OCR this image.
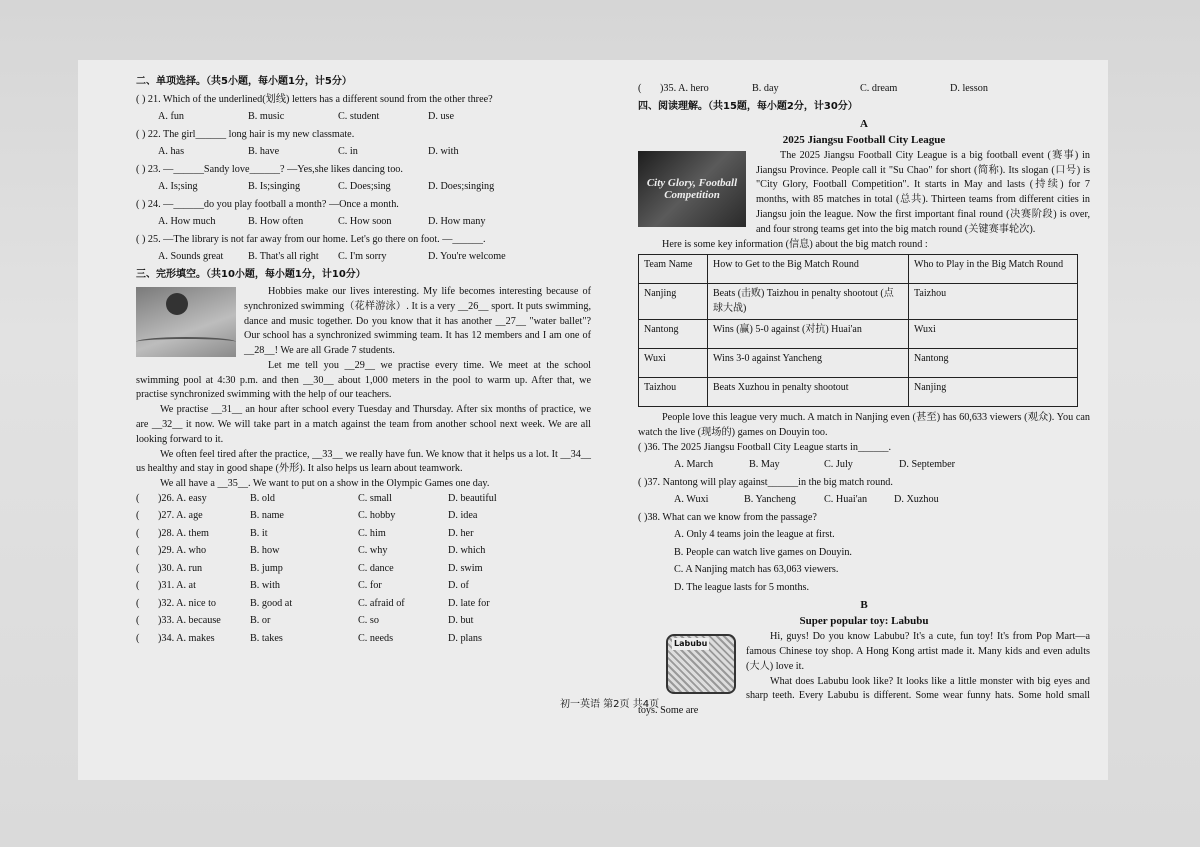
二、单项选择。（共5小题，每小题1分，计5分）
( ) 21. Which of the underlined(划线) letters has a different sound from the other three?
A. fun	B. music	C. student	D. use
( ) 22. The girl______ long hair is my new classmate.
A. has	B. have	C. in	D. with
( ) 23. —______Sandy love______? —Yes,she likes dancing too.
A. Is;sing	B. Is;singing	C. Does;sing	D. Does;singing
( ) 24. —______do you play football a month? —Once a month.
A. How much	B. How often	C. How soon	D. How many
( ) 25. —The library is not far away from our home. Let's go there on foot. —______.
A. Sounds great	B. That's all right	C. I'm sorry	D. You're welcome
三、完形填空。（共10小题，每小题1分，计10分）
Hobbies make our lives interesting. My life becomes interesting because of synchronized swimming（花样游泳）. It is a very __26__ sport. It puts swimming, dance and music together. Do you know that it has another __27__ "water ballet"? Our school has a synchronized swimming team. It has 12 members and I am one of __28__! We are all Grade 7 students.
Let me tell you __29__ we practise every time. We meet at the school swimming pool at 4:30 p.m. and then __30__ about 1,000 meters in the pool to warm up. After that, we practise synchronized swimming with the help of our teachers.
We practise __31__ an hour after school every Tuesday and Thursday. After six months of practice, we are __32__ it now. We will take part in a match against the team from another school next week. We are all looking forward to it.
We often feel tired after the practice, __33__ we really have fun. We know that it helps us a lot. It __34__ us healthy and stay in good shape (外形). It also helps us learn about teamwork.
We all have a __35__. We want to put on a show in the Olympic Games one day.
(	)26. A. easy	B. old	C. small	D. beautiful
(	)27. A. age	B. name	C. hobby	D. idea
(	)28. A. them	B. it	C. him	D. her
(	)29. A. who	B. how	C. why	D. which
(	)30. A. run	B. jump	C. dance	D. swim
(	)31. A. at	B. with	C. for	D. of
(	)32. A. nice to	B. good at	C. afraid of	D. late for
(	)33. A. because	B. or	C. so	D. but
(	)34. A. makes	B. takes	C. needs	D. plans
(	)35. A. hero	B. day	C. dream	D. lesson
四、阅读理解。（共15题，每小题2分，计30分）
A
2025 Jiangsu Football City League
City Glory, Football Competition
The 2025 Jiangsu Football City League is a big football event (赛事) in Jiangsu Province. People call it "Su Chao" for short (简称). Its slogan (口号) is "City Glory, Football Competition". It starts in May and lasts (持续) for 7 months, with 85 matches in total (总共). Thirteen teams from different cities in Jiangsu join the league. Now the first important final round (决赛阶段) is over, and four strong teams get into the big match round (关键赛事轮次).
Here is some key information (信息) about the big match round :
Team Name	How to Get to the Big Match Round	Who to Play in the Big Match Round
Nanjing	Beats (击败) Taizhou in penalty shootout (点球大战)	Taizhou
Nantong	Wins (赢) 5-0 against (对抗) Huai'an	Wuxi
Wuxi	Wins 3-0 against Yancheng	Nantong
Taizhou	Beats Xuzhou in penalty shootout	Nanjing
People love this league very much. A match in Nanjing even (甚至) has 60,633 viewers (观众). You can watch the live (现场的) games on Douyin too.
( )36. The 2025 Jiangsu Football City League starts in______.
A. March	B. May	C. July	D. September
( )37. Nantong will play against______in the big match round.
A. Wuxi	B. Yancheng	C. Huai'an	D. Xuzhou
( )38. What can we know from the passage?
A. Only 4 teams join the league at first.
B. People can watch live games on Douyin.
C. A Nanjing match has 63,063 viewers.
D. The league lasts for 5 months.
B
Super popular toy: Labubu
Labubu
Hi, guys! Do you know Labubu? It's a cute, fun toy! It's from Pop Mart—a famous Chinese toy shop. A Hong Kong artist made it. Many kids and even adults (大人) love it.
What does Labubu look like? It looks like a little monster with big eyes and sharp teeth. Every Labubu is different. Some wear funny hats. Some hold small toys. Some are
初一英语 第2页 共4页
